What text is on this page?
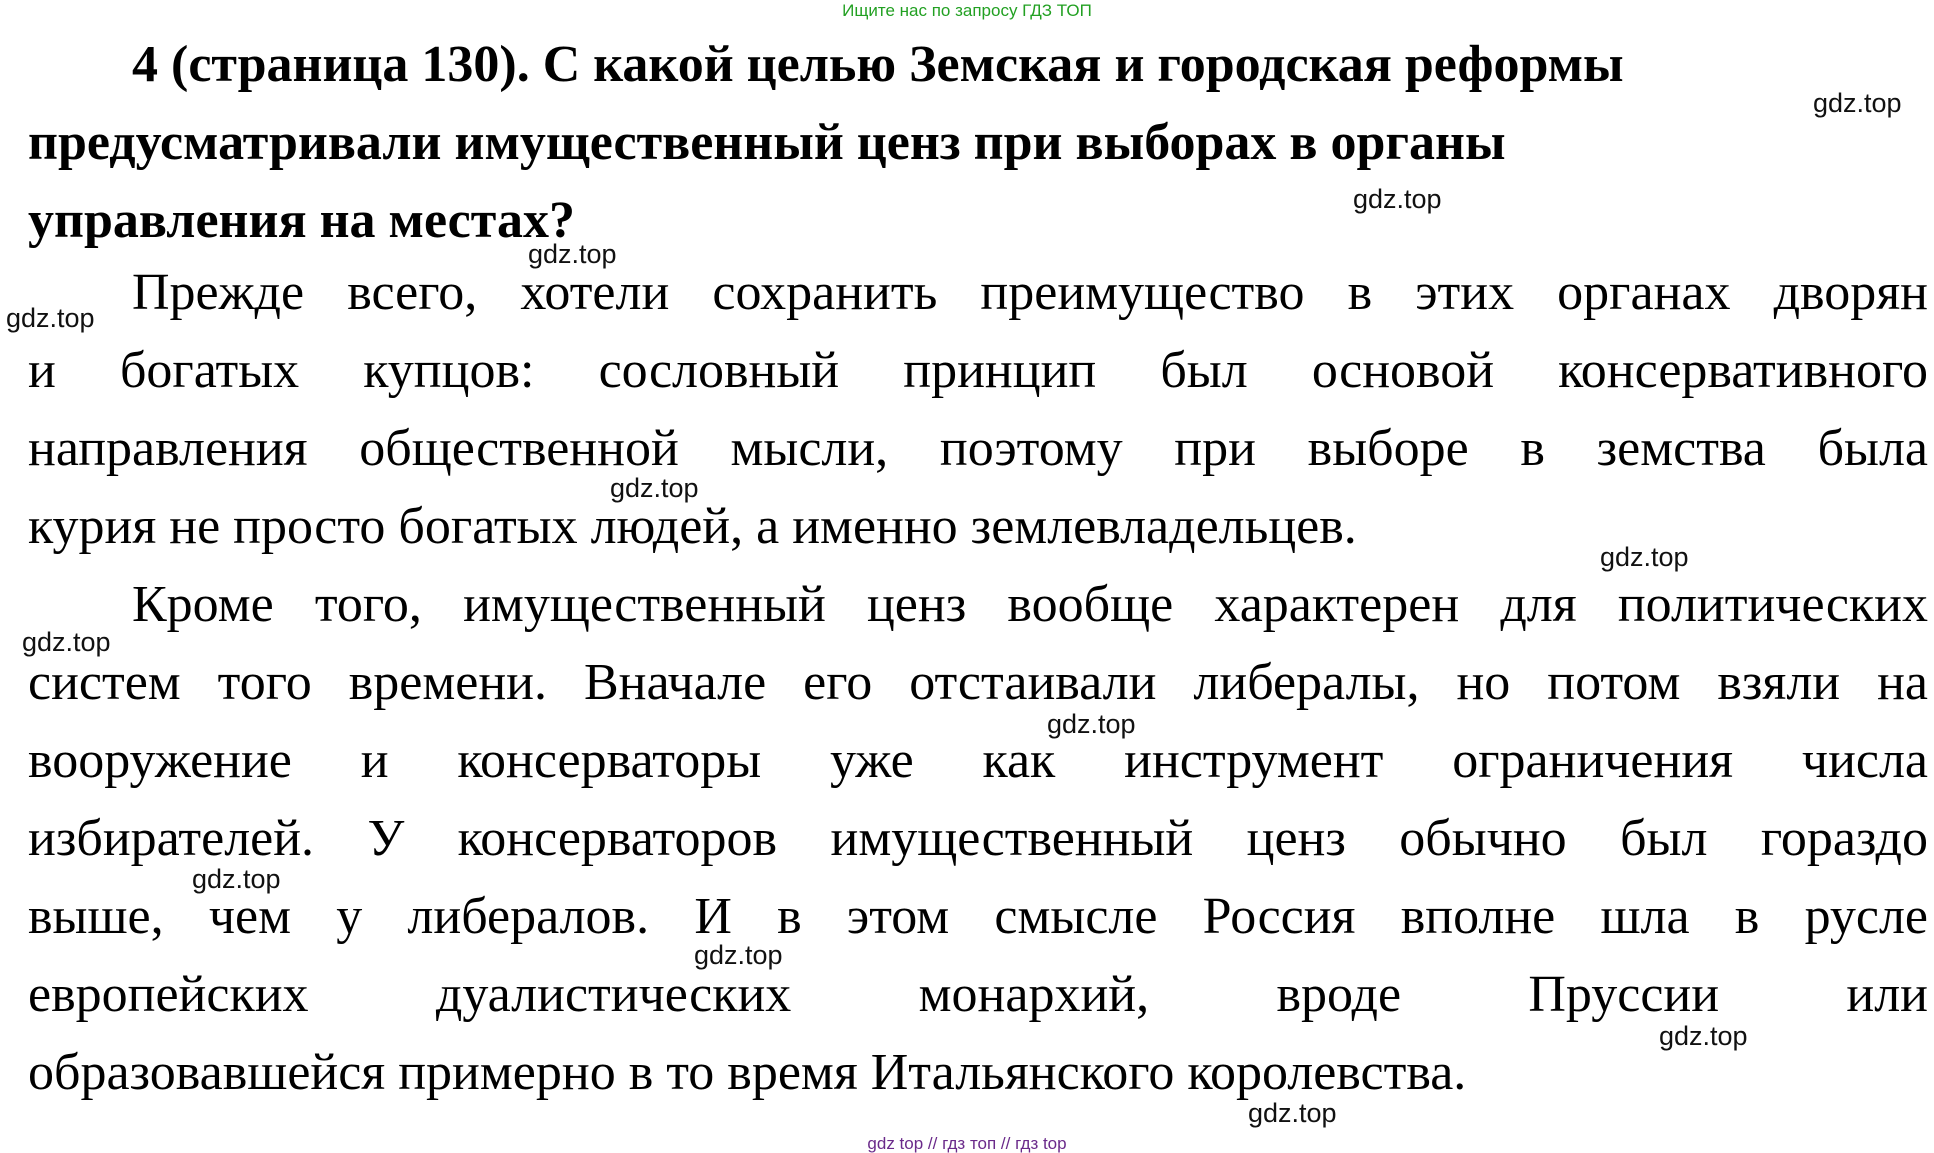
Ищите нас по запросу ГДЗ ТОП
4 (страница 130). С какой целью Земская и городская реформы
предусматривали имущественный ценз при выборах в органы
управления на местах?
Прежде всего, хотели сохранить преимущество в этих органах дворян
и богатых купцов: сословный принцип был основой консервативного
направления общественной мысли, поэтому при выборе в земства была
курия не просто богатых людей, а именно землевладельцев.
Кроме того, имущественный ценз вообще характерен для политических
систем того времени. Вначале его отстаивали либералы, но потом взяли на
вооружение и консерваторы уже как инструмент ограничения числа
избирателей. У консерваторов имущественный ценз обычно был гораздо
выше, чем у либералов. И в этом смысле Россия вполне шла в русле
европейских дуалистических монархий, вроде Пруссии или
образовавшейся примерно в то время Итальянского королевства.
gdz.top
gdz.top
gdz.top
gdz.top
gdz.top
gdz.top
gdz.top
gdz.top
gdz.top
gdz.top
gdz.top
gdz.top
gdz top // гдз топ // гдз top
